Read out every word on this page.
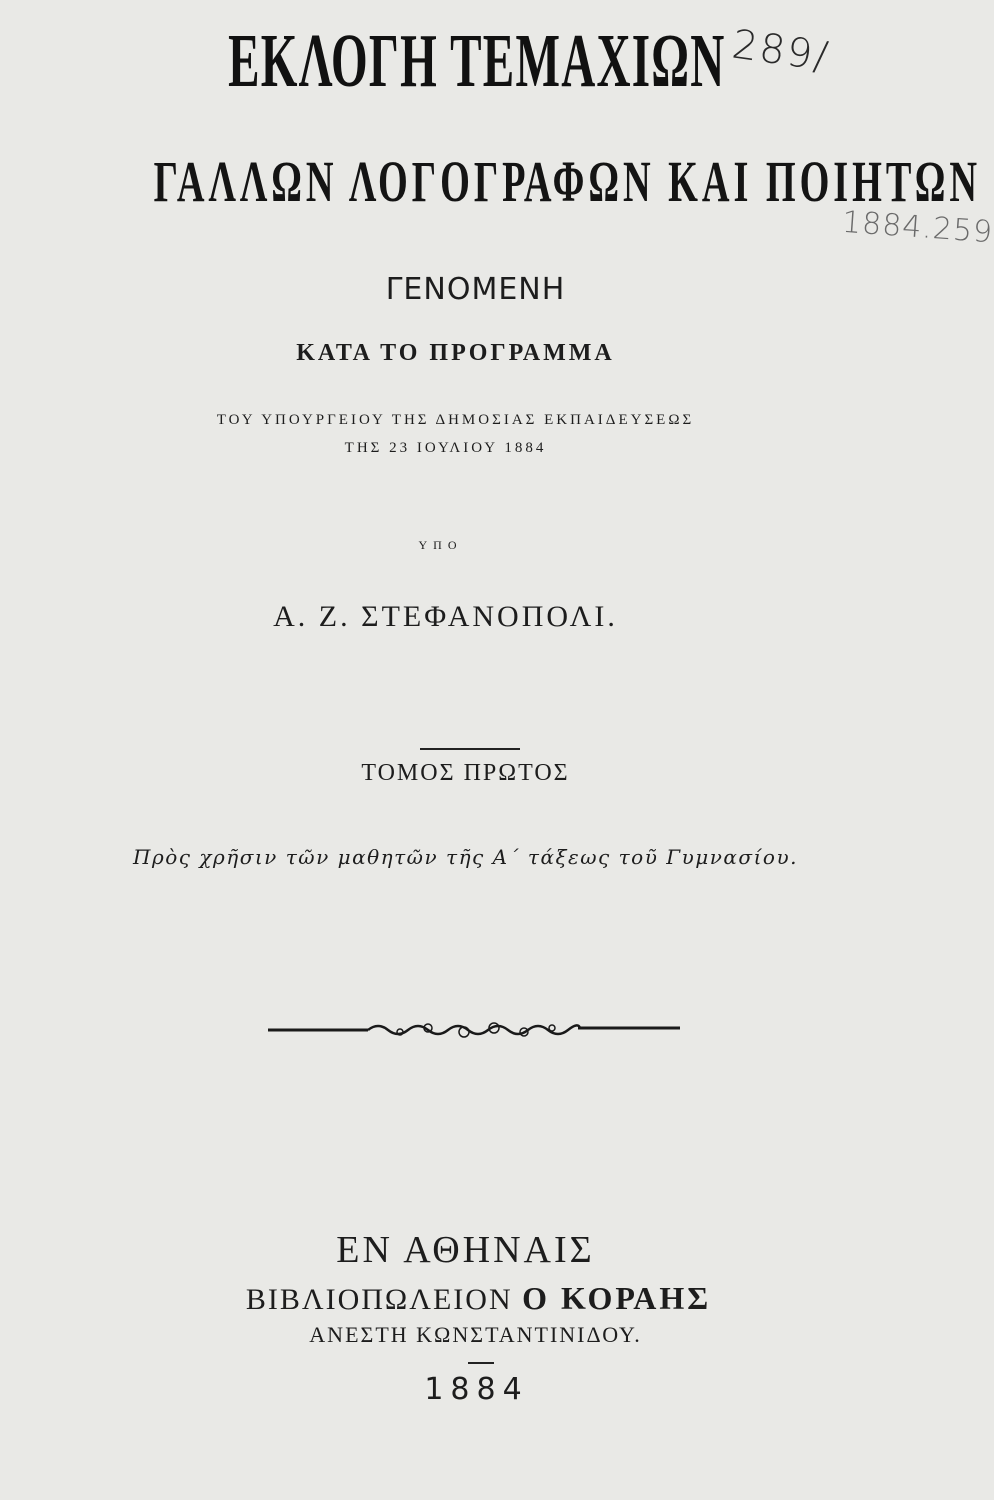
ΕΚΛΟΓΗ ΤΕΜΑΧΙΩΝ
ΓΑΛΛΩΝ ΛΟΓΟΓΡΑΦΩΝ ΚΑΙ ΠΟΙΗΤΩΝ
ΓΕΝΟΜΕΝΗ
ΚΑΤΑ ΤΟ ΠΡΟΓΡΑΜΜΑ
ΤΟΥ ΥΠΟΥΡΓΕΙΟΥ ΤΗΣ ΔΗΜΟΣΙΑΣ ΕΚΠΑΙΔΕΥΣΕΩΣ
ΤΗΣ 23 ΙΟΥΛΙΟΥ 1884
ΥΠΟ
Α. Ζ. ΣΤΕΦΑΝΟΠΟΛΙ.
ΤΟΜΟΣ ΠΡΩΤΟΣ
Πρὸς χρῆσιν τῶν μαθητῶν τῆς Α΄ τάξεως τοῦ Γυμνασίου.
ΕΝ ΑΘΗΝΑΙΣ
ΒΙΒΛΙΟΠΩΛΕΙΟΝ Ο ΚΟΡΑΗΣ
ΑΝΕΣΤΗ ΚΩΝΣΤΑΝΤΙΝΙΔΟΥ.
1884
289/
1884.259
